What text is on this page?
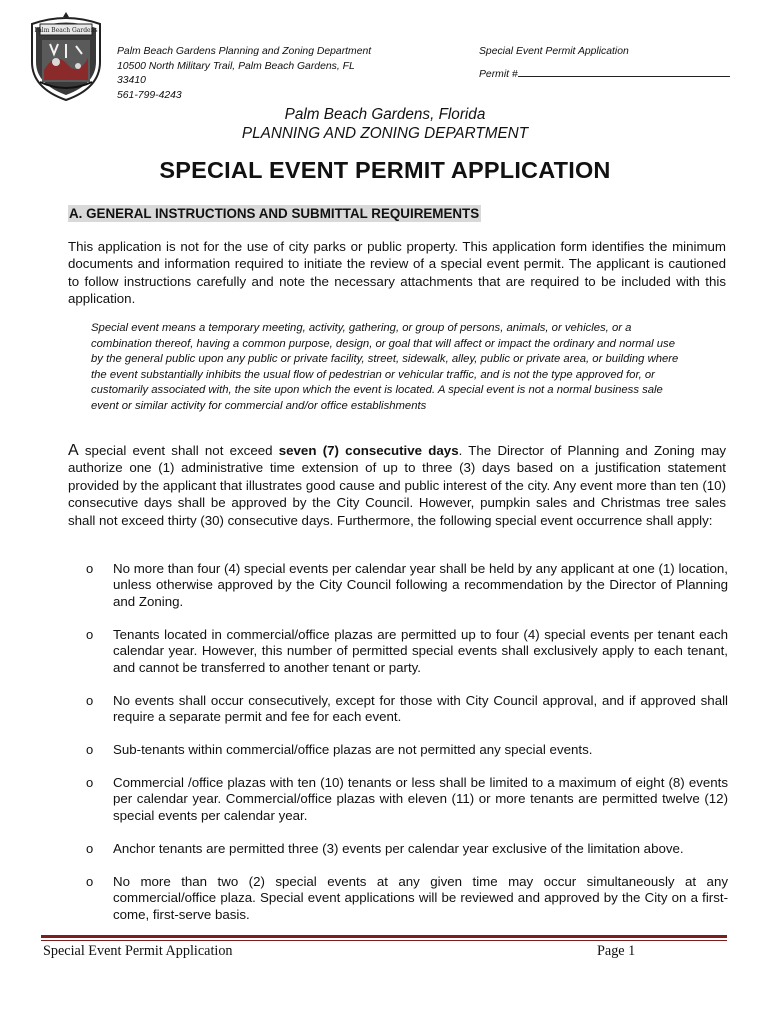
Palm Beach Gardens
Palm Beach Gardens Planning and Zoning Department
10500 North Military Trail, Palm Beach Gardens, FL
33410
561-799-4243
Special Event Permit Application
Permit #
Palm Beach Gardens, Florida
PLANNING AND ZONING DEPARTMENT
SPECIAL EVENT PERMIT APPLICATION
A. GENERAL INSTRUCTIONS AND SUBMITTAL REQUIREMENTS
This application is not for the use of city parks or public property. This application form identifies the minimum documents and information required to initiate the review of a special event permit. The applicant is cautioned to follow instructions carefully and note the necessary attachments that are required to be included with this application.
Special event means a temporary meeting, activity, gathering, or group of persons, animals, or vehicles, or a combination thereof, having a common purpose, design, or goal that will affect or impact the ordinary and normal use by the general public upon any public or private facility, street, sidewalk, alley, public or private area, or building where the event substantially inhibits the usual flow of pedestrian or vehicular traffic, and is not the type approved for, or customarily associated with, the site upon which the event is located. A special event is not a normal business sale event or similar activity for commercial and/or office establishments
A special event shall not exceed seven (7) consecutive days. The Director of Planning and Zoning may authorize one (1) administrative time extension of up to three (3) days based on a justification statement provided by the applicant that illustrates good cause and public interest of the city. Any event more than ten (10) consecutive days shall be approved by the City Council. However, pumpkin sales and Christmas tree sales shall not exceed thirty (30) consecutive days. Furthermore, the following special event occurrence shall apply:
o No more than four (4) special events per calendar year shall be held by any applicant at one (1) location, unless otherwise approved by the City Council following a recommendation by the Director of Planning and Zoning.
o Tenants located in commercial/office plazas are permitted up to four (4) special events per tenant each calendar year. However, this number of permitted special events shall exclusively apply to each tenant, and cannot be transferred to another tenant or party.
o No events shall occur consecutively, except for those with City Council approval, and if approved shall require a separate permit and fee for each event.
o Sub-tenants within commercial/office plazas are not permitted any special events.
o Commercial /office plazas with ten (10) tenants or less shall be limited to a maximum of eight (8) events per calendar year. Commercial/office plazas with eleven (11) or more tenants are permitted twelve (12) special events per calendar year.
o Anchor tenants are permitted three (3) events per calendar year exclusive of the limitation above.
o No more than two (2) special events at any given time may occur simultaneously at any commercial/office plaza. Special event applications will be reviewed and approved by the City on a first-come, first-serve basis.
Special Event Permit Application	Page 1
